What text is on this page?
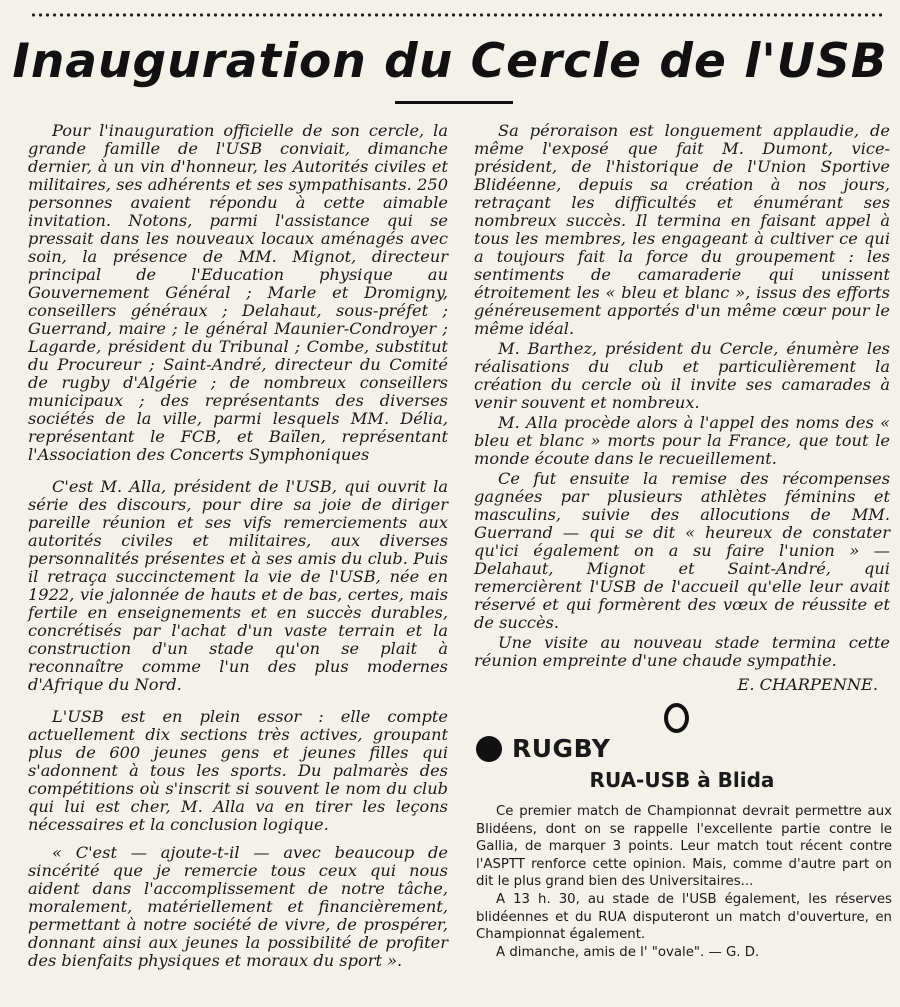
Inauguration du Cercle de l'USB

Pour l'inauguration officielle de son cercle, la grande famille de l'USB conviait, dimanche dernier, à un vin d'honneur, les Autorités civiles et militaires, ses adhérents et ses sympathisants. 250 personnes avaient répondu à cette aimable invitation. Notons, parmi l'assistance qui se pressait dans les nouveaux locaux aménagés avec soin, la présence de MM. Mignot, directeur principal de l'Education physique au Gouvernement Général ; Marle et Dromigny, conseillers généraux ; Delahaut, sous-préfet ; Guerrand, maire ; le général Maunier-Condroyer ; Lagarde, président du Tribunal ; Combe, substitut du Procureur ; Saint-André, directeur du Comité de rugby d'Algérie ; de nombreux conseillers municipaux ; des représentants des diverses sociétés de la ville, parmi lesquels MM. Délia, représentant le FCB, et Baïlen, représentant l'Association des Concerts Symphoniques

C'est M. Alla, président de l'USB, qui ouvrit la série des discours, pour dire sa joie de diriger pareille réunion et ses vifs remerciements aux autorités civiles et militaires, aux diverses personnalités présentes et à ses amis du club. Puis il retraça succinctement la vie de l'USB, née en 1922, vie jalonnée de hauts et de bas, certes, mais fertile en enseignements et en succès durables, concrétisés par l'achat d'un vaste terrain et la construction d'un stade qu'on se plait à reconnaître comme l'un des plus modernes d'Afrique du Nord.

L'USB est en plein essor : elle compte actuellement dix sections très actives, groupant plus de 600 jeunes gens et jeunes filles qui s'adonnent à tous les sports. Du palmarès des compétitions où s'inscrit si souvent le nom du club qui lui est cher, M. Alla va en tirer les leçons nécessaires et la conclusion logique.

« C'est — ajoute-t-il — avec beaucoup de sincérité que je remercie tous ceux qui nous aident dans l'accomplissement de notre tâche, moralement, matériellement et financièrement, permettant à notre société de vivre, de prospérer, donnant ainsi aux jeunes la possibilité de profiter des bienfaits physiques et moraux du sport ».

Sa péroraison est longuement applaudie, de même l'exposé que fait M. Dumont, vice-président, de l'historique de l'Union Sportive Blidéenne, depuis sa création à nos jours, retraçant les difficultés et énumérant ses nombreux succès. Il termina en faisant appel à tous les membres, les engageant à cultiver ce qui a toujours fait la force du groupement : les sentiments de camaraderie qui unissent étroitement les « bleu et blanc », issus des efforts généreusement apportés d'un même cœur pour le même idéal.

M. Barthez, président du Cercle, énumère les réalisations du club et particulièrement la création du cercle où il invite ses camarades à venir souvent et nombreux.

M. Alla procède alors à l'appel des noms des « bleu et blanc » morts pour la France, que tout le monde écoute dans le recueillement.

Ce fut ensuite la remise des récompenses gagnées par plusieurs athlètes féminins et masculins, suivie des allocutions de MM. Guerrand — qui se dit « heureux de constater qu'ici également on a su faire l'union » — Delahaut, Mignot et Saint-André, qui remercièrent l'USB de l'accueil qu'elle leur avait réservé et qui formèrent des vœux de réussite et de succès.

Une visite au nouveau stade termina cette réunion empreinte d'une chaude sympathie.

E. CHARPENNE.
RUGBY
RUA-USB à Blida

Ce premier match de Championnat devrait permettre aux Blidéens, dont on se rappelle l'excellente partie contre le Gallia, de marquer 3 points. Leur match tout récent contre l'ASPTT renforce cette opinion. Mais, comme d'autre part on dit le plus grand bien des Universitaires...

A 13 h. 30, au stade de l'USB également, les réserves blidéennes et du RUA disputeront un match d'ouverture, en Championnat également.

A dimanche, amis de l' "ovale". — G. D.
